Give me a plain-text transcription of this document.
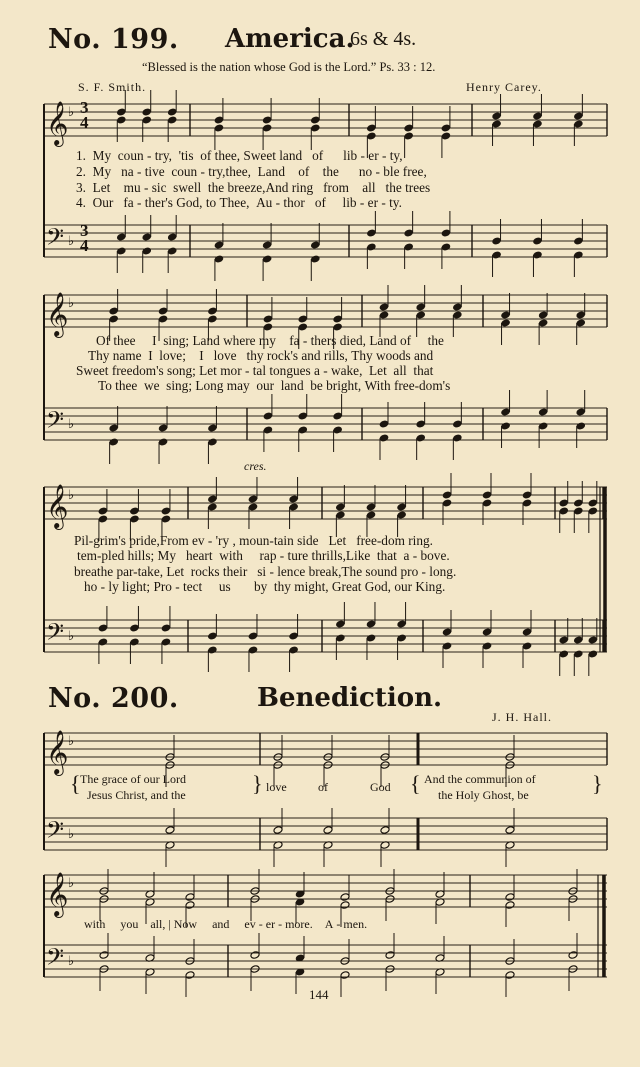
No. 199. America.
6s & 4s.
“Blessed is the nation whose God is the Lord.” Ps. 33 : 12.
S. F. Smith.	Henry Carey.
𝄞
𝄢
♭
♭
𝄞
𝄢
♭
♭
𝄞
𝄢
♭
♭
𝄞
𝄢
♭
♭
𝄞
𝄢
♭
♭
3
4
3
4
1. My coun - try, 'tis of thee, Sweet land of lib - er - ty,
2. My na - tive coun - try,thee, Land of the no - ble free,
3. Let mu - sic swell the breeze,And ring from all the trees
4. Our fa - ther's God, to Thee, Au - thor of lib - er - ty.
Of thee I sing; Land where my fa - thers died, Land of the
Thy name I love; I love thy rock's and rills, Thy woods and
Sweet freedom's song; Let mor - tal tongues a - wake, Let all that
To thee we sing; Long may our land be bright, With free-dom's
cres.
Pil-grim's pride,From ev - 'ry , moun-tain side Let free-dom ring.
tem-pled hills; My heart with rap - ture thrills,Like that a - bove.
breathe par-take, Let rocks their si - lence break,The sound pro - long.
ho - ly light; Pro - tect us by thy might, Great God, our King.
No. 200.	Benediction.
J. H. Hall.
{ The grace of our Lord
Jesus Christ, and the	} love	of	God { And the communion of
the Holy Ghost, be	}
with you all, | Now and ev - er - more. A - men.
144
